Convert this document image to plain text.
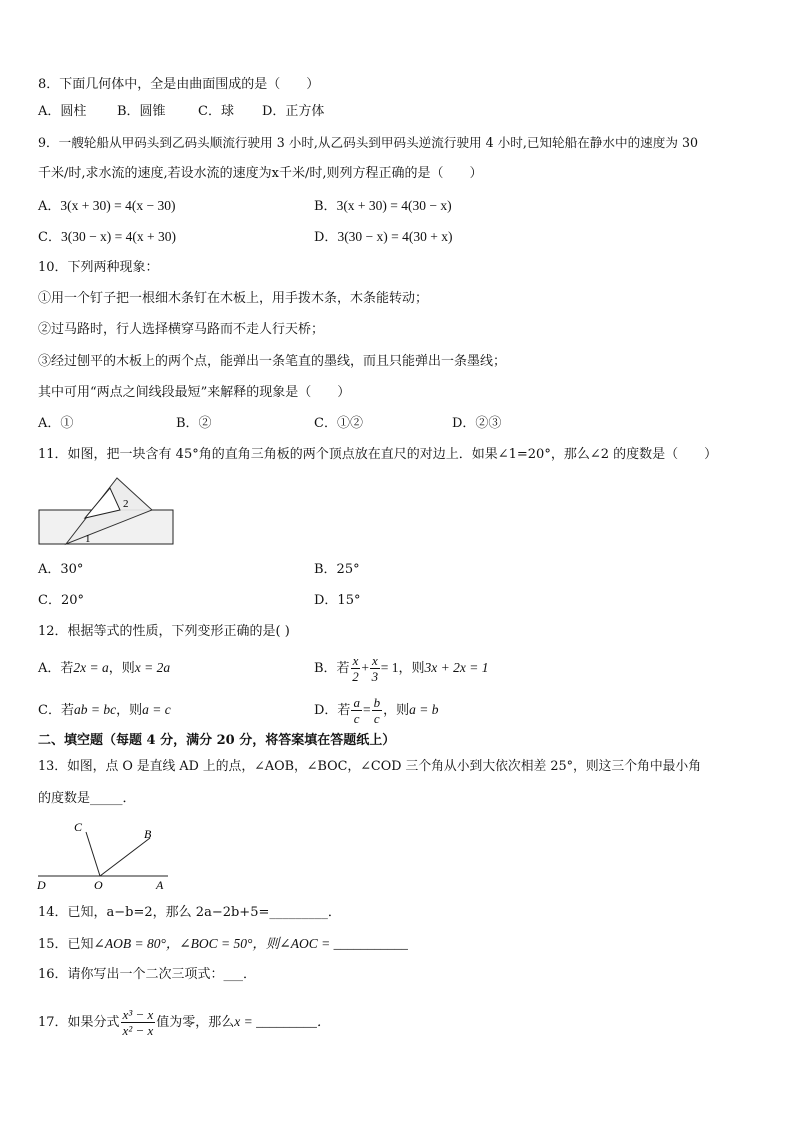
8．下面几何体中，全是由曲面围成的是（　　）
A．圆柱 B．圆锥 C．球 D．正方体
9．一艘轮船从甲码头到乙码头顺流行驶用 3 小时,从乙码头到甲码头逆流行驶用 4 小时,已知轮船在静水中的速度为 30
千米/时,求水流的速度,若设水流的速度为x千米/时,则列方程正确的是（　　）
A．3(x + 30) = 4(x − 30)	B．3(x + 30) = 4(30 − x)
C．3(30 − x) = 4(x + 30)	D．3(30 − x) = 4(30 + x)
10．下列两种现象：
①用一个钉子把一根细木条钉在木板上，用手拨木条，木条能转动；
②过马路时，行人选择横穿马路而不走人行天桥；
③经过刨平的木板上的两个点，能弹出一条笔直的墨线，而且只能弹出一条墨线；
其中可用“两点之间线段最短”来解释的现象是（　　）
A．①	B．②	C．①②	D．②③
11．如图，把一块含有 45°角的直角三角板的两个顶点放在直尺的对边上．如果∠1=20°，那么∠2 的度数是（　　）
1
2
A．30°	B．25°
C．20°	D．15°
12．根据等式的性质，下列变形正确的是( )
A．若2x = a，则x = 2a	B．若 $\frac{x}{2} + \frac{x}{3} = 1$，则3x + 2x = 1
C．若ab = bc，则a = c	D．若 $\frac{a}{c} = \frac{b}{c}$ ，则a = b
二、填空题（每题 4 分，满分 20 分，将答案填在答题纸上）
13．如图，点 O 是直线 AD 上的点，∠AOB，∠BOC，∠COD 三个角从小到大依次相差 25°，则这三个角中最小角
的度数是_____．
C	B
D	O	A
14．已知，a−b=2，那么 2a−2b+5=_________．
15．已知∠AOB = 80°，∠BOC = 50°，则∠AOC = ___________
16．请你写出一个二次三项式：___．
17．如果分式 $\frac{\text{x³ − x}}{\text{x² − x}}$ 值为零，那么x = _________．
